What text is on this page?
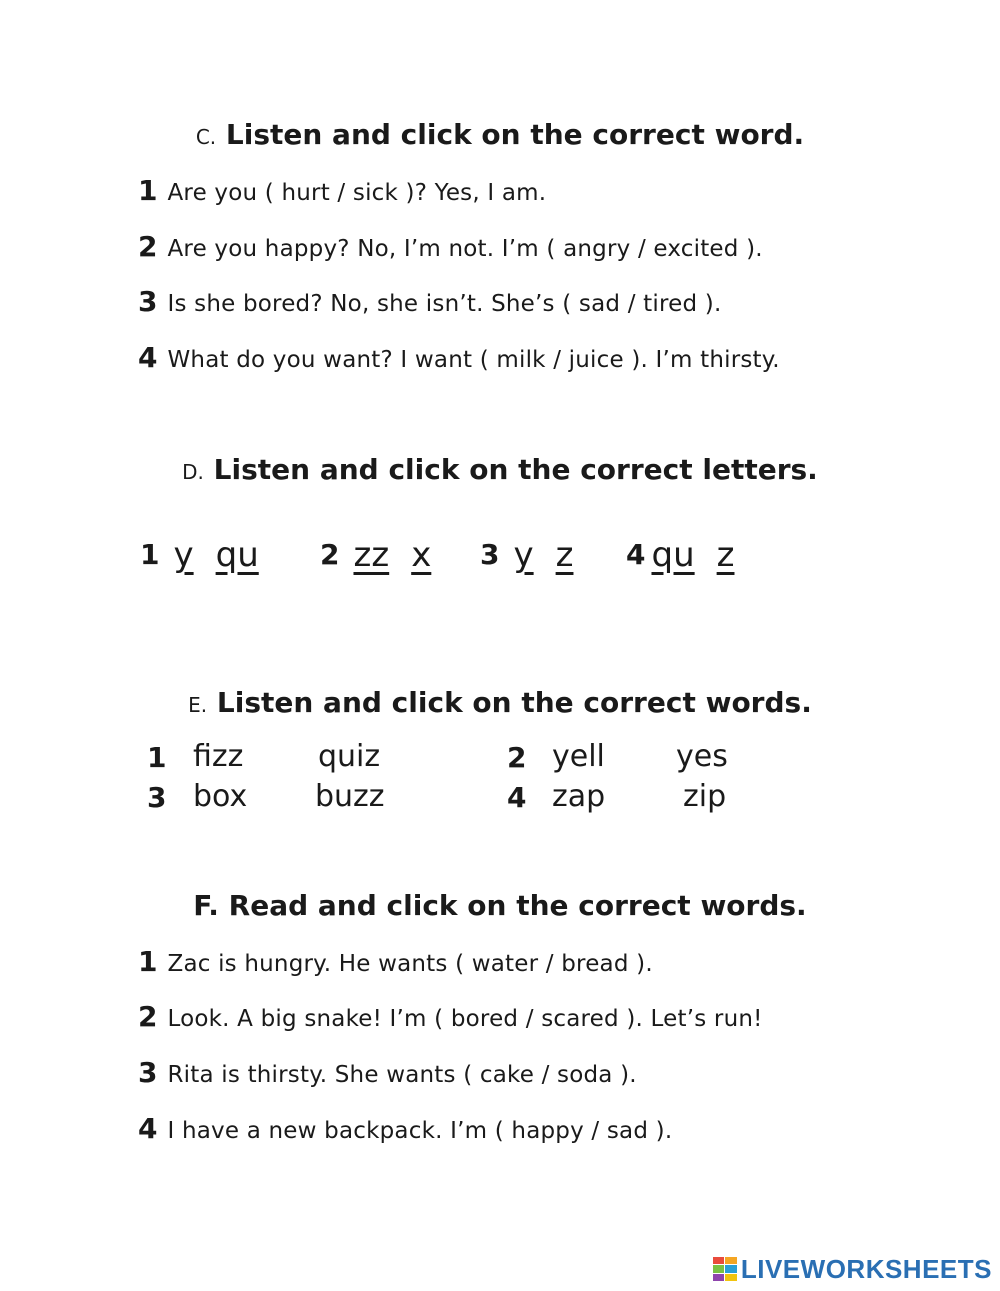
C. Listen and click on the correct word.
1 Are you ( hurt / sick )? Yes, I am.
2 Are you happy? No, I’m not. I’m ( angry / excited ).
3 Is she bored? No, she isn’t. She’s ( sad / tired ).
4 What do you want? I want ( milk / juice ). I’m thirsty.
D. Listen and click on the correct letters.
1 y qu	2 zz x	3 y z	4 qu z
E. Listen and click on the correct words.
1 fizz quiz	2 yell yes
3 box buzz	4 zap	zip
F. Read and click on the correct words.
1 Zac is hungry. He wants ( water / bread ).
2 Look. A big snake! I’m ( bored / scared ). Let’s run!
3 Rita is thirsty. She wants ( cake / soda ).
4 I have a new backpack. I’m ( happy / sad ).
LIVEWORKSHEETS
